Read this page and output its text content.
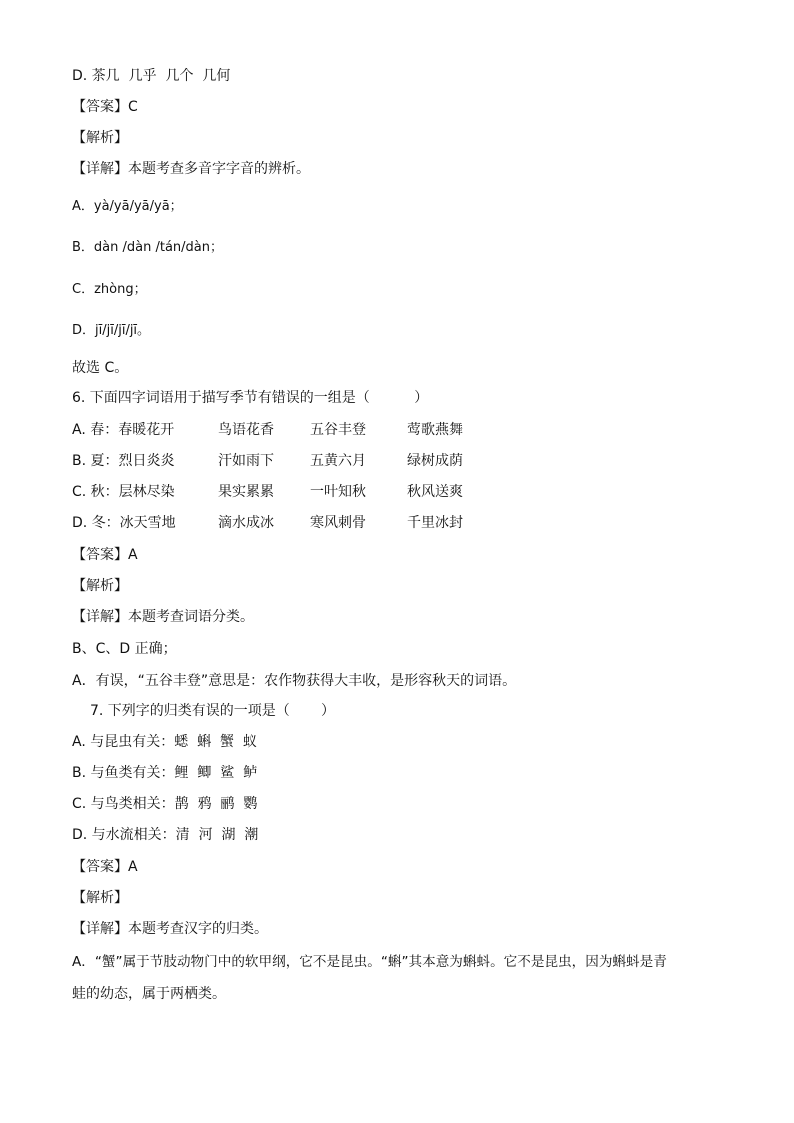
D. 茶几  几乎  几个  几何
【答案】C
【解析】
【详解】本题考查多音字字音的辨析。
A．yà/yā/yā/yā；
B．dàn /dàn /tán/dàn；
C．zhòng；
D．jī/jī/jī/jī。
故选 C。
6. 下面四字词语用于描写季节有错误的一组是（          ）
A. 春：春暖花开	鸟语花香	五谷丰登	莺歌燕舞
B. 夏：烈日炎炎	汗如雨下	五黄六月	绿树成荫
C. 秋：层林尽染	果实累累	一叶知秋	秋风送爽
D. 冬：冰天雪地	滴水成冰	寒风刺骨	千里冰封
【答案】A
【解析】
【详解】本题考查词语分类。
B、C、D 正确；
A．有误，“五谷丰登”意思是：农作物获得大丰收，是形容秋天的词语。
7. 下列字的归类有误的一项是（       ）
A. 与昆虫有关：蟋  蝌  蟹  蚁
B. 与鱼类有关：鲤  鲫  鲨  鲈
C. 与鸟类相关：鹊  鸦  鹂  鹦
D. 与水流相关：清  河  湖  潮
【答案】A
【解析】
【详解】本题考查汉字的归类。
A．“蟹”属于节肢动物门中的软甲纲，它不是昆虫。“蝌”其本意为蝌蚪。它不是昆虫，因为蝌蚪是青
蛙的幼态，属于两栖类。
